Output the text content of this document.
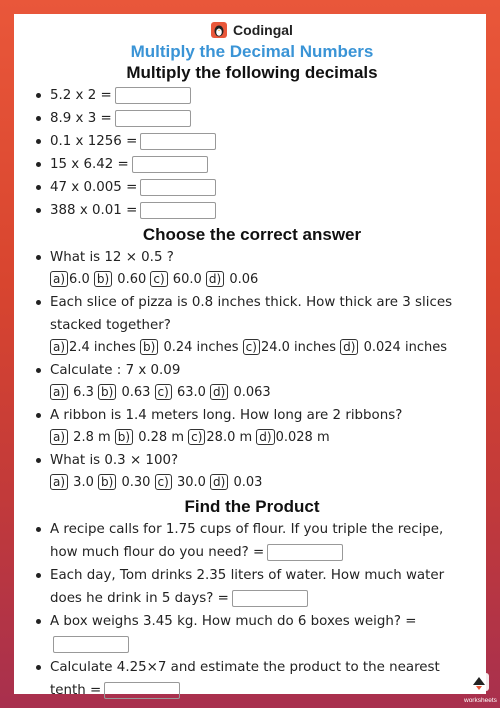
Codingal
Multiply the Decimal Numbers
Multiply the following decimals
5.2 x 2 =
8.9 x 3 =
0.1 x 1256 =
15 x 6.42 =
47 x 0.005 =
388 x 0.01 =
Choose the correct answer
What is 12 × 0.5 ?
a) 6.0 b) 0.60 c) 60.0 d) 0.06
Each slice of pizza is 0.8 inches thick. How thick are 3 slices stacked together?
a) 2.4 inches b) 0.24 inches c) 24.0 inches d) 0.024 inches
Calculate : 7 x 0.09
a) 6.3 b) 0.63 c) 63.0 d) 0.063
A ribbon is 1.4 meters long. How long are 2 ribbons?
a) 2.8 m b) 0.28 m c) 28.0 m d) 0.028 m
What is 0.3 × 100?
a) 3.0 b) 0.30 c) 30.0 d) 0.03
Find the Product
A recipe calls for 1.75 cups of flour. If you triple the recipe, how much flour do you need? =
Each day, Tom drinks 2.35 liters of water. How much water does he drink in 5 days? =
A box weighs 3.45 kg. How much do 6 boxes weigh? =
Calculate 4.25×7 and estimate the product to the nearest tenth =
worksheets
